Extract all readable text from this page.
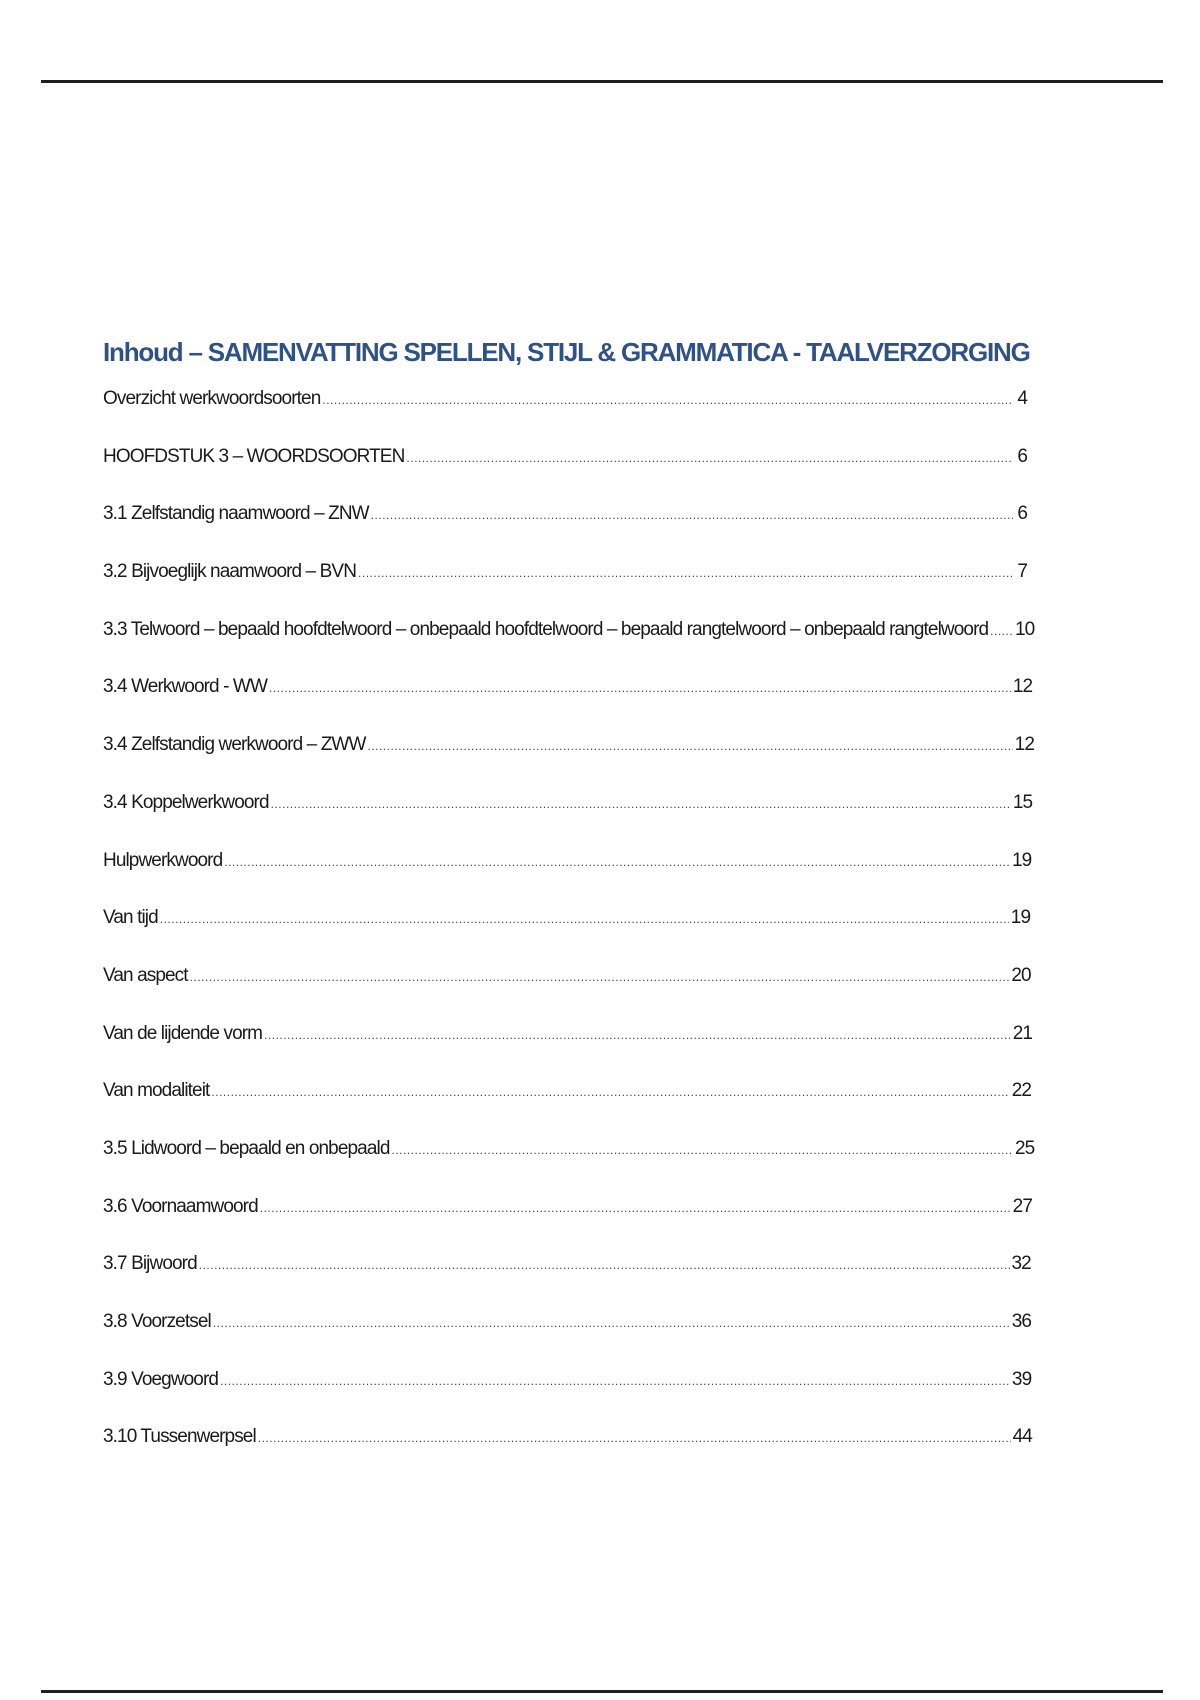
Inhoud – SAMENVATTING SPELLEN, STIJL & GRAMMATICA - TAALVERZORGING
Overzicht werkwoordsoorten .....	4
HOOFDSTUK 3 – WOORDSOORTEN .....	6
3.1 Zelfstandig naamwoord – ZNW .....	6
3.2 Bijvoeglijk naamwoord – BVN .....	7
3.3 Telwoord – bepaald hoofdtelwoord – onbepaald hoofdtelwoord – bepaald rangtelwoord – onbepaald rangtelwoord ..... 10
3.4 Werkwoord - WW .....	12
3.4 Zelfstandig werkwoord – ZWW .....	12
3.4 Koppelwerkwoord .....	15
Hulpwerkwoord .....	19
Van tijd .....	19
Van aspect .....	20
Van de lijdende vorm .....	21
Van modaliteit .....	22
3.5 Lidwoord – bepaald en onbepaald .....	25
3.6 Voornaamwoord .....	27
3.7 Bijwoord .....	32
3.8 Voorzetsel .....	36
3.9 Voegwoord .....	39
3.10 Tussenwerpsel .....	44
